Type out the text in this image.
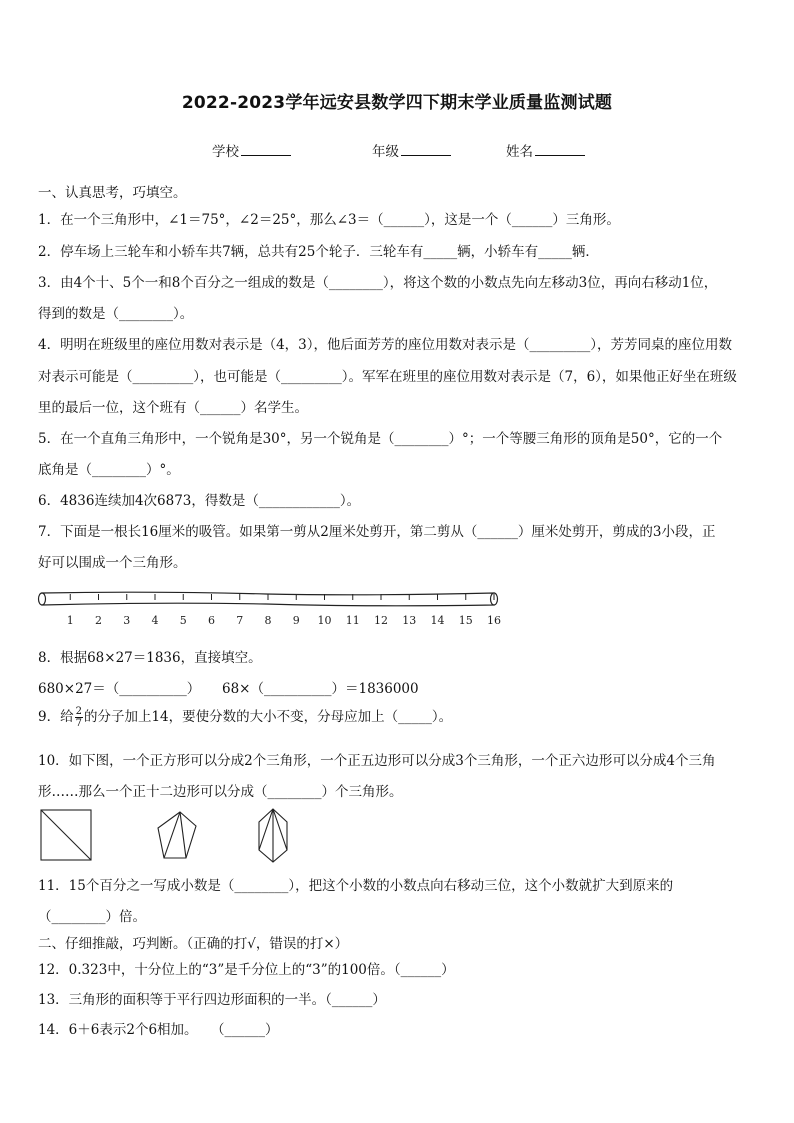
2022-2023学年远安县数学四下期末学业质量监测试题
学校	年级	姓名
一、认真思考，巧填空。
1．在一个三角形中，∠1＝75°，∠2＝25°，那么∠3＝（______），这是一个（______）三角形。
2．停车场上三轮车和小轿车共7辆，总共有25个轮子．三轮车有_____辆，小轿车有_____辆．
3．由4个十、5个一和8个百分之一组成的数是（________），将这个数的小数点先向左移动3位，再向右移动1位，
得到的数是（________）。
4．明明在班级里的座位用数对表示是（4，3），他后面芳芳的座位用数对表示是（_________），芳芳同桌的座位用数
对表示可能是（_________），也可能是（_________）。军军在班里的座位用数对表示是（7，6），如果他正好坐在班级
里的最后一位，这个班有（______）名学生。
5．在一个直角三角形中，一个锐角是30°，另一个锐角是（________）°；一个等腰三角形的顶角是50°，它的一个
底角是（________）°。
6．4836连续加4次6873，得数是（____________）。
7．下面是一根长16厘米的吸管。如果第一剪从2厘米处剪开，第二剪从（______）厘米处剪开，剪成的3小段，正
好可以围成一个三角形。
1 2 3 4 5 6 7 8 9 10 11 12 13 14 15 16
8．根据68×27＝1836，直接填空。
680×27＝（__________） 68×（__________）＝1836000
9．给 $\frac{2}{7}$ 的分子加上14，要使分数的大小不变，分母应加上（_____）。
10．如下图，一个正方形可以分成2个三角形，一个正五边形可以分成3个三角形，一个正六边形可以分成4个三角
形……那么一个正十二边形可以分成（________）个三角形。
11．15个百分之一写成小数是（________），把这个小数的小数点向右移动三位，这个小数就扩大到原来的
（________）倍。
二、仔细推敲，巧判断。（正确的打√，错误的打×）
12．0.323中，十分位上的“3”是千分位上的“3”的100倍。（______）
13．三角形的面积等于平行四边形面积的一半。（______）
14．6＋6表示2个6相加。　　（______）
